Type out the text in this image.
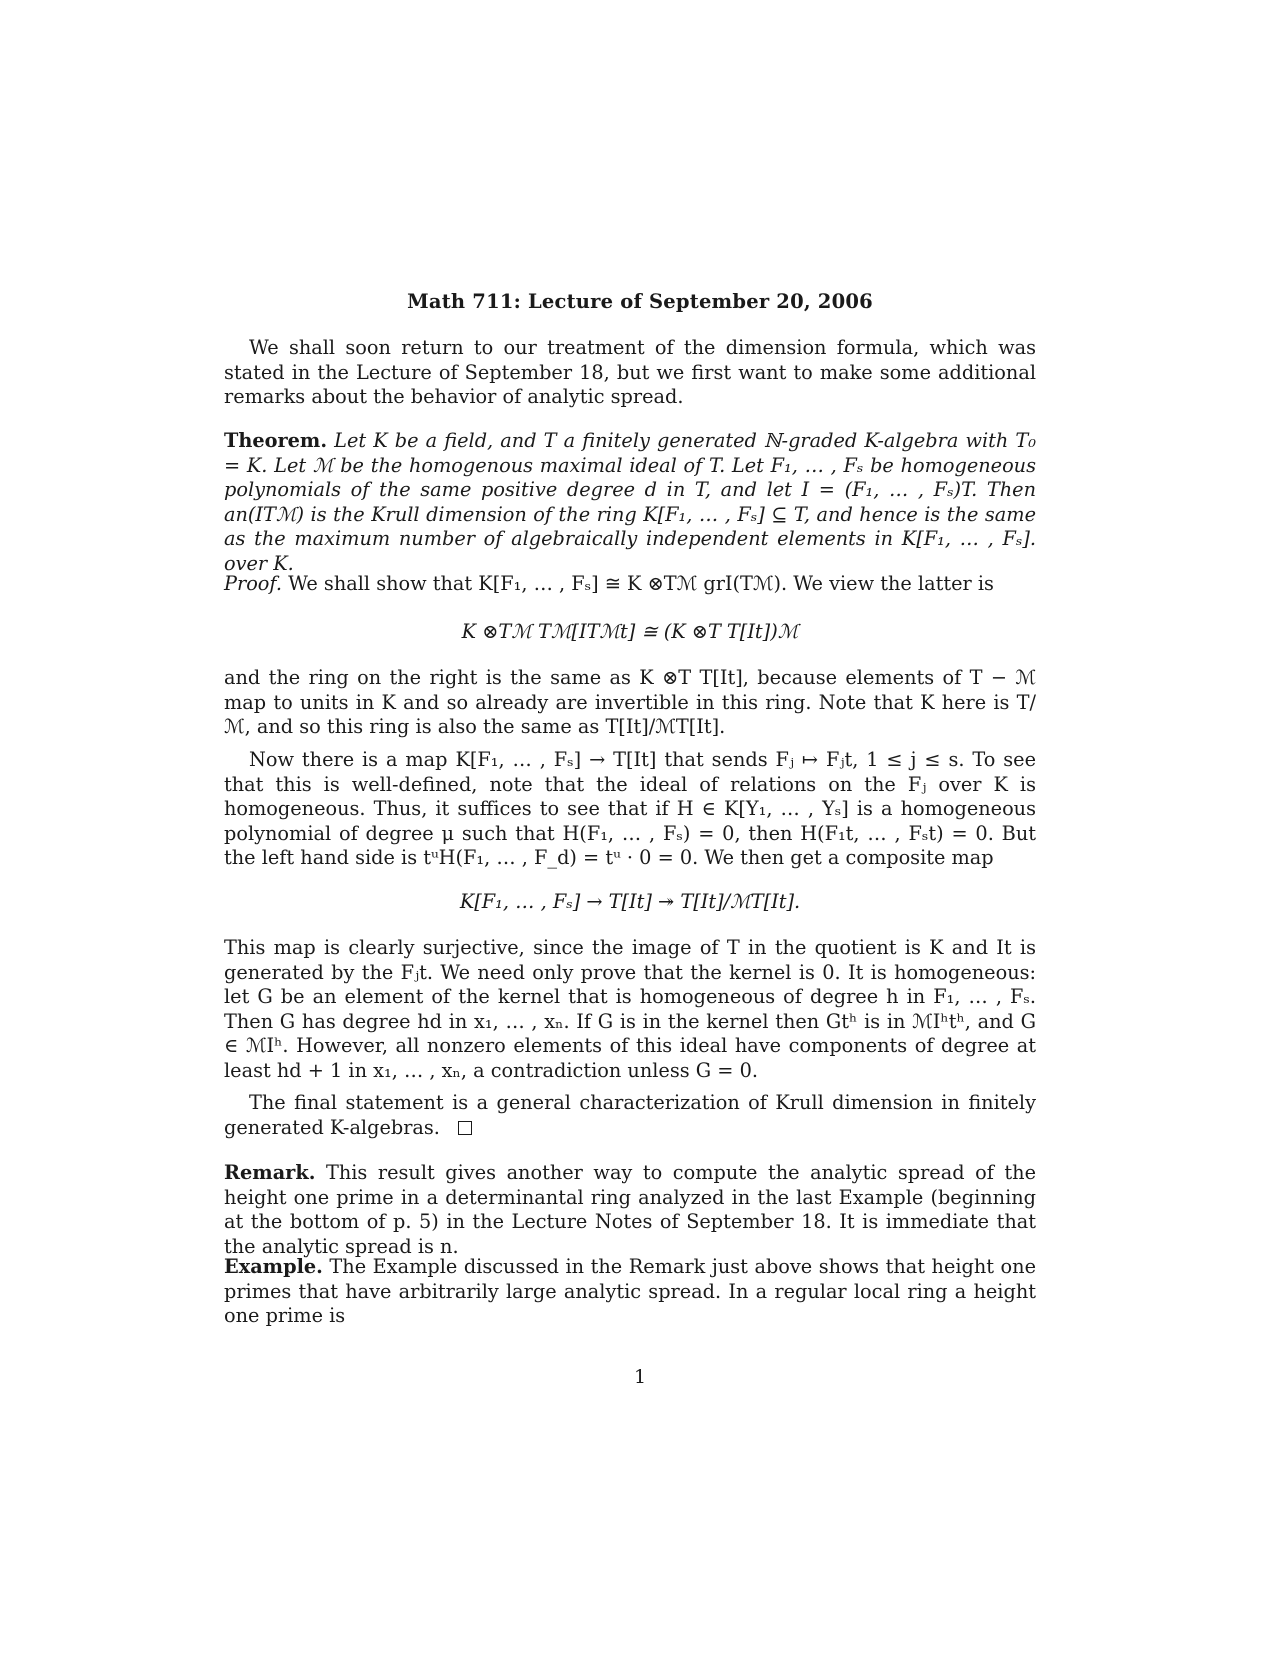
Math 711: Lecture of September 20, 2006

We shall soon return to our treatment of the dimension formula, which was stated in the Lecture of September 18, but we first want to make some additional remarks about the behavior of analytic spread.

Theorem. Let K be a field, and T a finitely generated ℕ-graded K-algebra with T₀ = K. Let ℳ be the homogenous maximal ideal of T. Let F₁, … , Fₛ be homogeneous polynomials of the same positive degree d in T, and let I = (F₁, … , Fₛ)T. Then an(ITℳ) is the Krull dimension of the ring K[F₁, … , Fₛ] ⊆ T, and hence is the same as the maximum number of algebraically independent elements in K[F₁, … , Fₛ]. over K.

Proof. We shall show that K[F₁, … , Fₛ] ≅ K ⊗Tℳ grI(Tℳ). We view the latter is

K ⊗Tℳ Tℳ[ITℳt] ≅ (K ⊗T T[It])ℳ

and the ring on the right is the same as K ⊗T T[It], because elements of T − ℳ map to units in K and so already are invertible in this ring. Note that K here is T/ℳ, and so this ring is also the same as T[It]/ℳT[It].

Now there is a map K[F₁, … , Fₛ] → T[It] that sends Fⱼ ↦ Fⱼt, 1 ≤ j ≤ s. To see that this is well-defined, note that the ideal of relations on the Fⱼ over K is homogeneous. Thus, it suffices to see that if H ∈ K[Y₁, … , Yₛ] is a homogeneous polynomial of degree μ such that H(F₁, … , Fₛ) = 0, then H(F₁t, … , Fₛt) = 0. But the left hand side is tᵘH(F₁, … , F_d) = tᵘ · 0 = 0. We then get a composite map

K[F₁, … , Fₛ] → T[It] ↠ T[It]/ℳT[It].

This map is clearly surjective, since the image of T in the quotient is K and It is generated by the Fⱼt. We need only prove that the kernel is 0. It is homogeneous: let G be an element of the kernel that is homogeneous of degree h in F₁, … , Fₛ. Then G has degree hd in x₁, … , xₙ. If G is in the kernel then Gtʰ is in ℳIʰtʰ, and G ∈ ℳIʰ. However, all nonzero elements of this ideal have components of degree at least hd + 1 in x₁, … , xₙ, a contradiction unless G = 0.

The final statement is a general characterization of Krull dimension in finitely generated K-algebras.

Remark. This result gives another way to compute the analytic spread of the height one prime in a determinantal ring analyzed in the last Example (beginning at the bottom of p. 5) in the Lecture Notes of September 18. It is immediate that the analytic spread is n.

Example. The Example discussed in the Remark just above shows that height one primes that have arbitrarily large analytic spread. In a regular local ring a height one prime is

1
